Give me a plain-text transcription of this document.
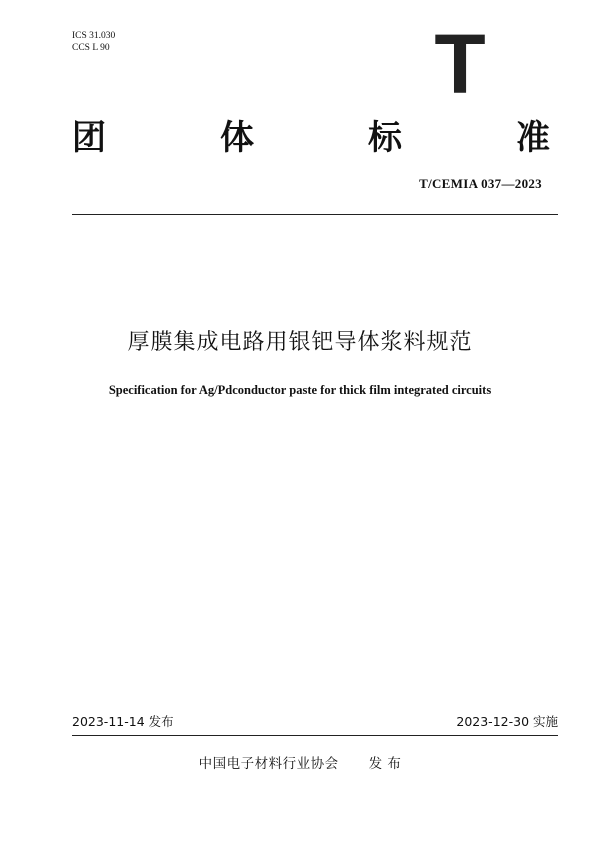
ICS 31.030
CCS L 90	T
团	体	标	准
T/CEMIA 037—2023
厚膜集成电路用银钯导体浆料规范
Specification for Ag/Pdconductor paste for thick film integrated circuits
2023-11-14 发布	2023-12-30 实施
中国电子材料行业协会 发 布
